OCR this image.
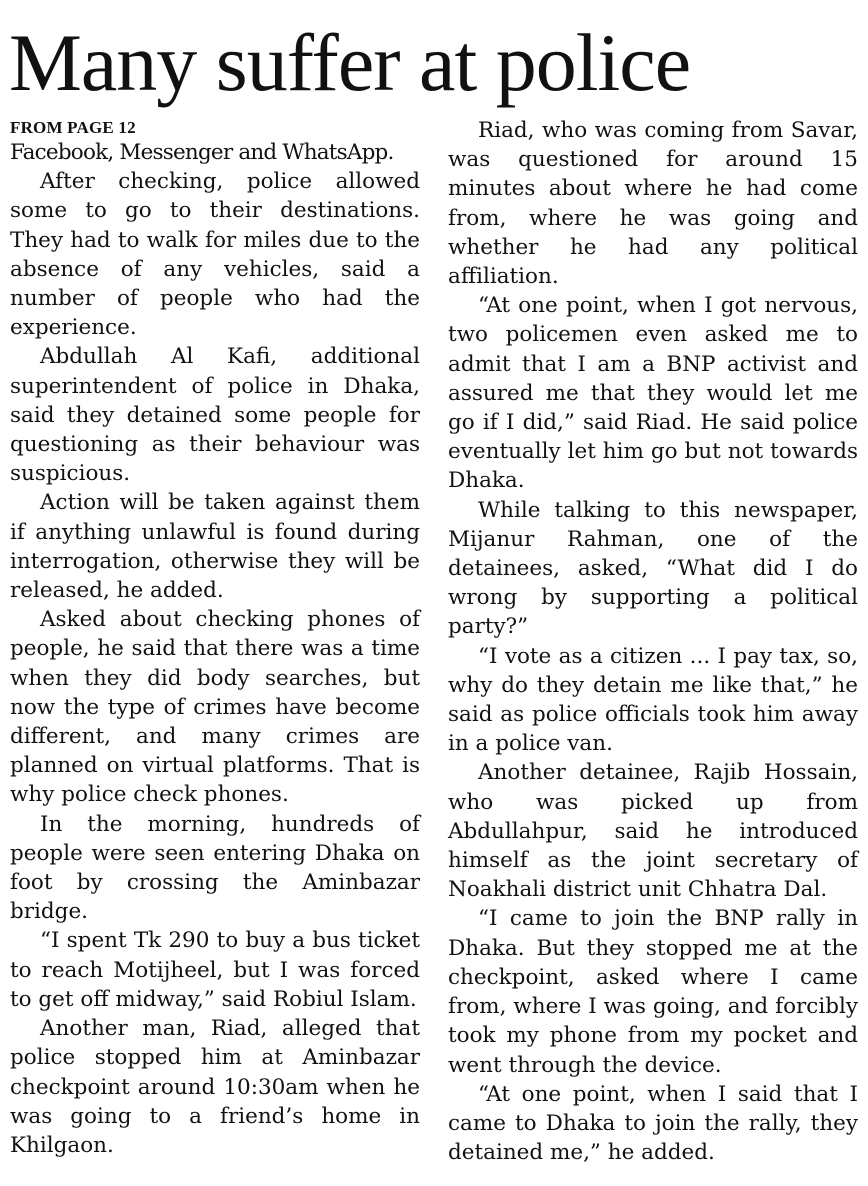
Many suffer at police
FROM PAGE 12

Facebook, Messenger and WhatsApp.

After checking, police allowed some to go to their destinations. They had to walk for miles due to the absence of any vehicles, said a number of people who had the experience.

Abdullah Al Kafi, additional superintendent of police in Dhaka, said they detained some people for questioning as their behaviour was suspicious.

Action will be taken against them if anything unlawful is found during interrogation, otherwise they will be released, he added.

Asked about checking phones of people, he said that there was a time when they did body searches, but now the type of crimes have become different, and many crimes are planned on virtual platforms. That is why police check phones.

In the morning, hundreds of people were seen entering Dhaka on foot by crossing the Aminbazar bridge.

“I spent Tk 290 to buy a bus ticket to reach Motijheel, but I was forced to get off midway,” said Robiul Islam.

Another man, Riad, alleged that police stopped him at Aminbazar checkpoint around 10:30am when he was going to a friend’s home in Khilgaon.

Riad, who was coming from Savar, was questioned for around 15 minutes about where he had come from, where he was going and whether he had any political affiliation.

“At one point, when I got nervous, two policemen even asked me to admit that I am a BNP activist and assured me that they would let me go if I did,” said Riad. He said police eventually let him go but not towards Dhaka.

While talking to this newspaper, Mijanur Rahman, one of the detainees, asked, “What did I do wrong by supporting a political party?”

“I vote as a citizen ... I pay tax, so, why do they detain me like that,” he said as police officials took him away in a police van.

Another detainee, Rajib Hossain, who was picked up from Abdullahpur, said he introduced himself as the joint secretary of Noakhali district unit Chhatra Dal.

“I came to join the BNP rally in Dhaka. But they stopped me at the checkpoint, asked where I came from, where I was going, and forcibly took my phone from my pocket and went through the device.

“At one point, when I said that I came to Dhaka to join the rally, they detained me,” he added.
